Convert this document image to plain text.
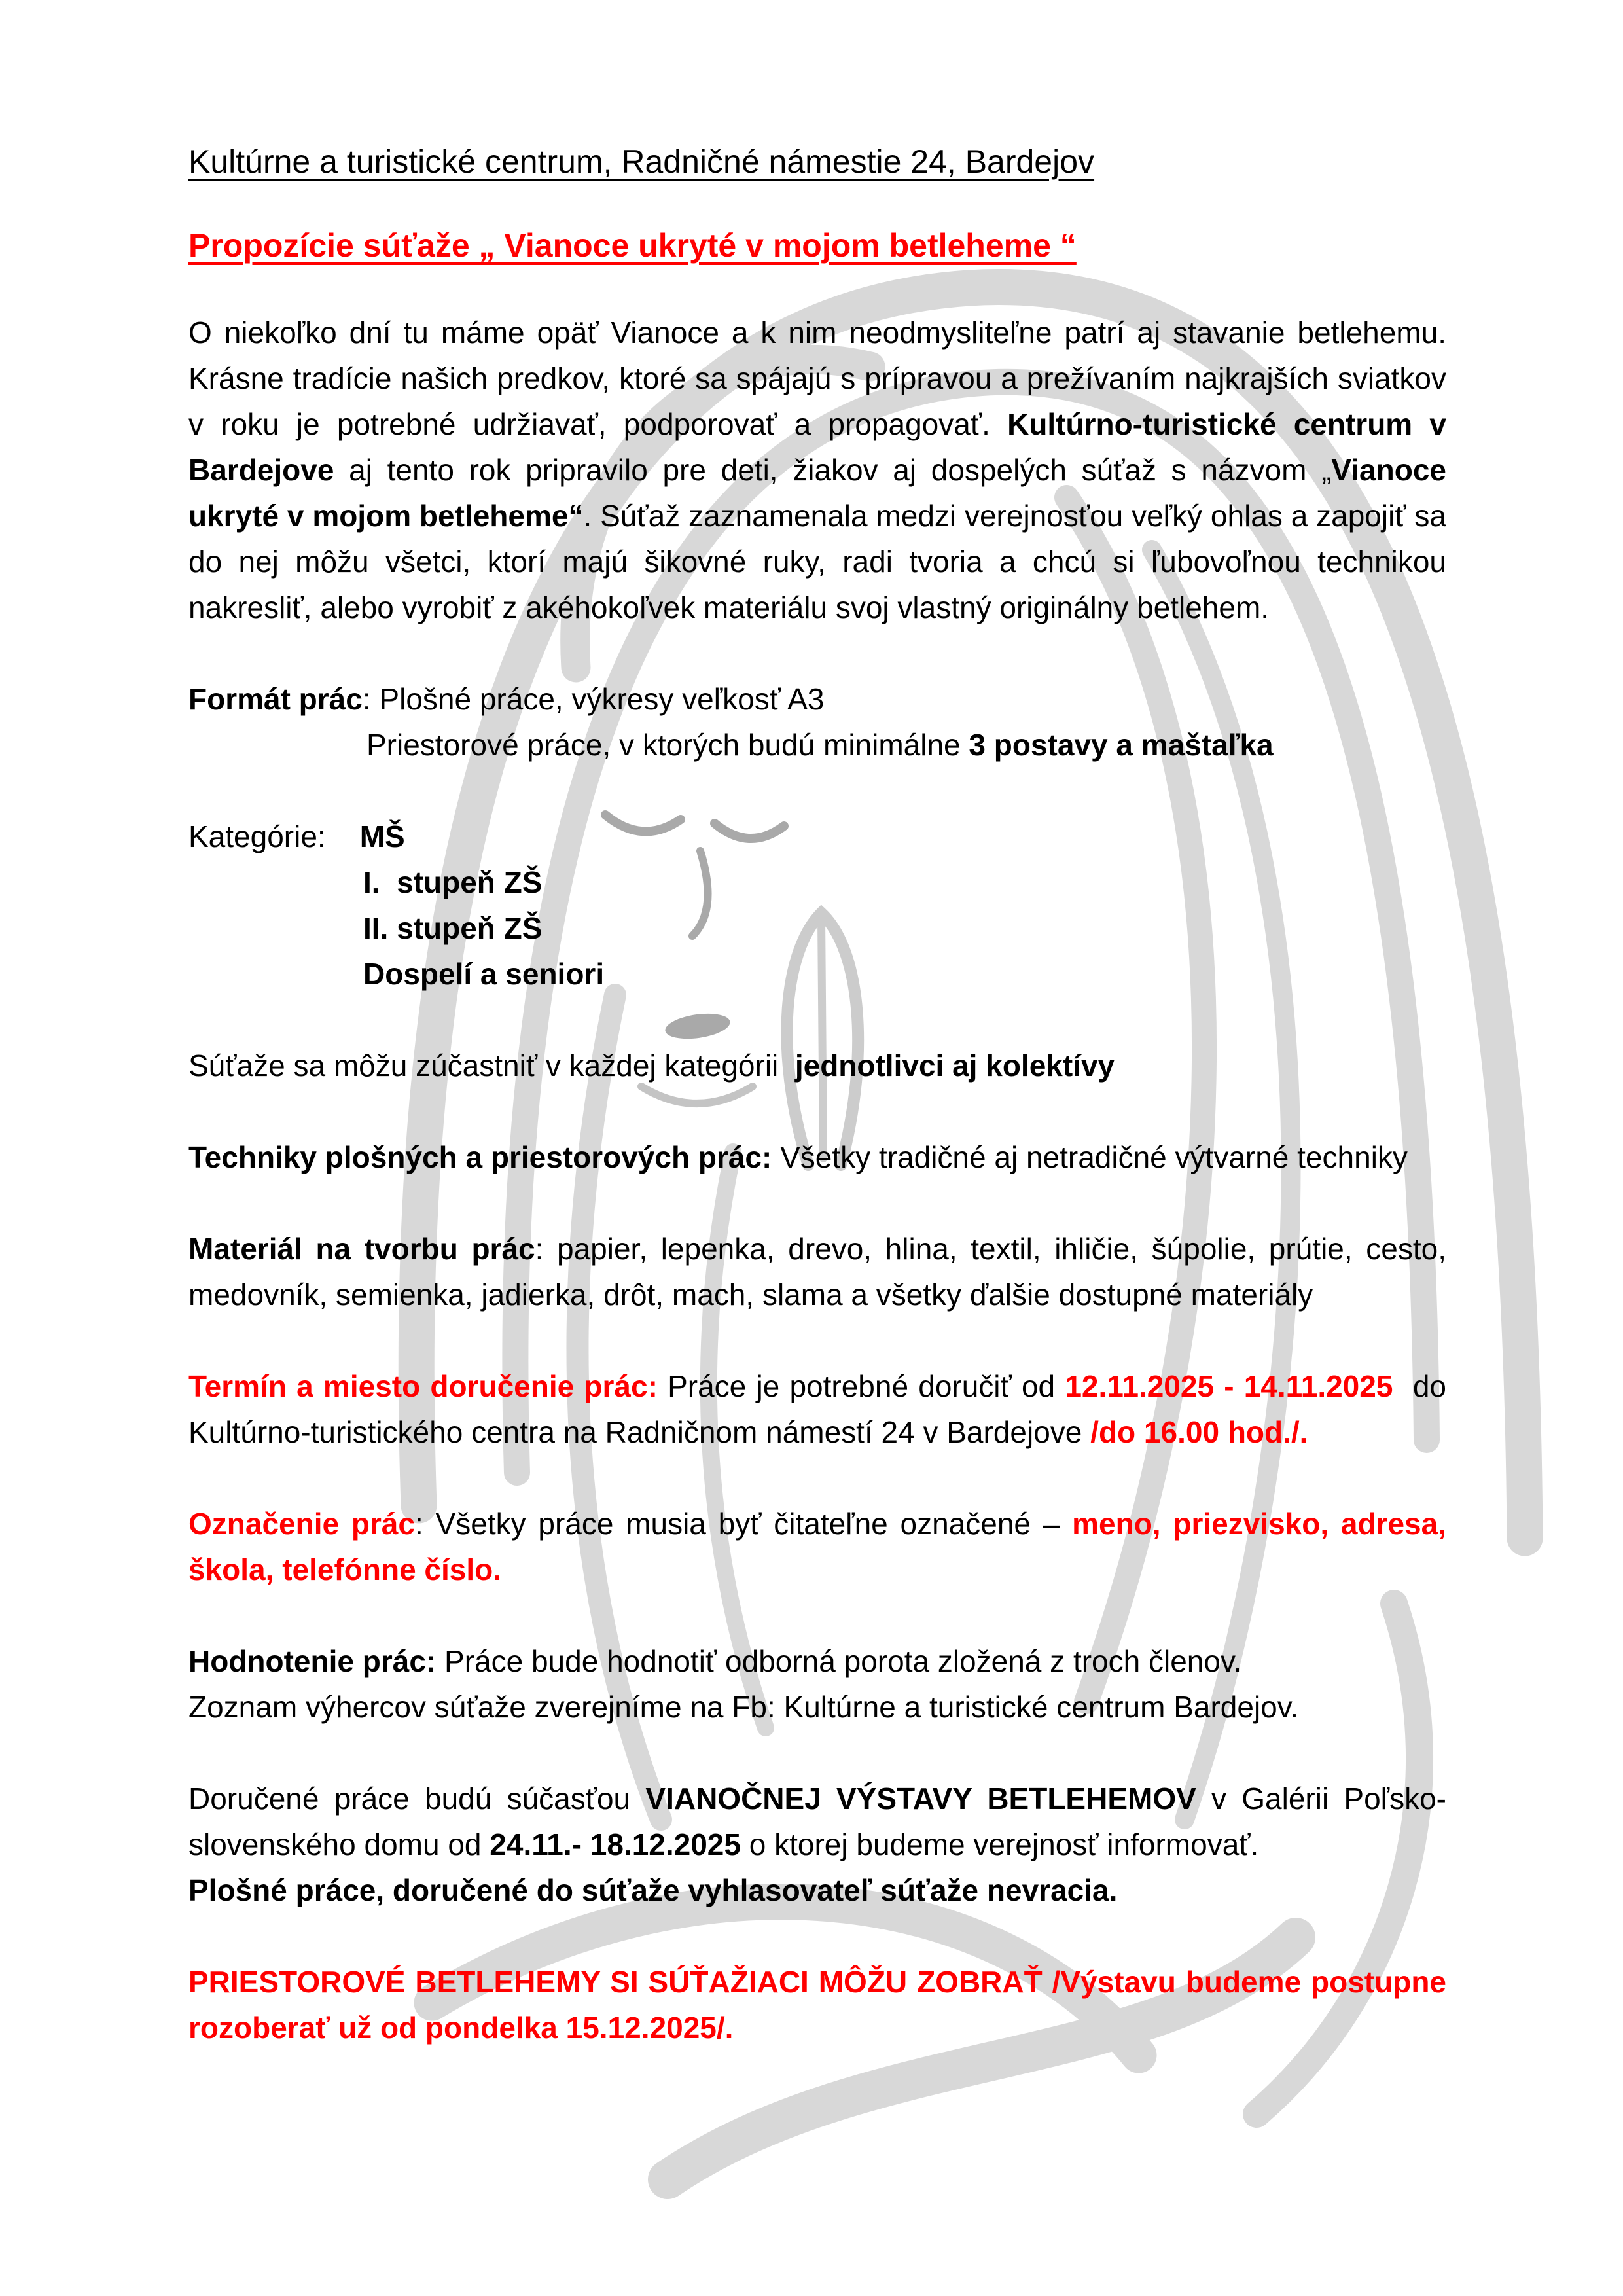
Kultúrne a turistické centrum, Radničné námestie 24, Bardejov
Propozície súťaže „ Vianoce ukryté v mojom betleheme “
O niekoľko dní tu máme opäť Vianoce a k nim neodmysliteľne patrí aj stavanie betlehemu. Krásne tradície našich predkov, ktoré sa spájajú s prípravou a prežívaním najkrajších sviatkov v roku je potrebné udržiavať, podporovať a propagovať. Kultúrno-turistické centrum v Bardejove aj tento rok pripravilo pre deti, žiakov aj dospelých súťaž s názvom „Vianoce ukryté v mojom betleheme“. Súťaž zaznamenala medzi verejnosťou veľký ohlas a zapojiť sa do nej môžu všetci, ktorí majú šikovné ruky, radi tvoria a chcú si ľubovoľnou technikou nakresliť, alebo vyrobiť z akéhokoľvek materiálu svoj vlastný originálny betlehem.
Formát prác: Plošné práce, výkresy veľkosť A3
Priestorové práce, v ktorých budú minimálne 3 postavy a maštaľka
Kategórie: MŠ
I.  stupeň ZŠ
II. stupeň ZŠ
Dospelí a seniori
Súťaže sa môžu zúčastniť v každej kategórii  jednotlivci aj kolektívy
Techniky plošných a priestorových prác: Všetky tradičné aj netradičné výtvarné techniky
Materiál na tvorbu prác: papier, lepenka, drevo, hlina, textil, ihličie, šúpolie, prútie, cesto, medovník, semienka, jadierka, drôt, mach, slama a všetky ďalšie dostupné materiály
Termín a miesto doručenie prác: Práce je potrebné doručiť od 12.11.2025 - 14.11.2025  do Kultúrno-turistického centra na Radničnom námestí 24 v Bardejove /do 16.00 hod./.
Označenie prác: Všetky práce musia byť čitateľne označené – meno, priezvisko, adresa, škola, telefónne číslo.
Hodnotenie prác: Práce bude hodnotiť odborná porota zložená z troch členov.
Zoznam výhercov súťaže zverejníme na Fb: Kultúrne a turistické centrum Bardejov.
Doručené práce budú súčasťou VIANOČNEJ VÝSTAVY BETLEHEMOV v Galérii Poľsko-slovenského domu od 24.11.- 18.12.2025 o ktorej budeme verejnosť informovať.
Plošné práce, doručené do súťaže vyhlasovateľ súťaže nevracia.
PRIESTOROVÉ BETLEHEMY SI SÚŤAŽIACI MÔŽU ZOBRAŤ /Výstavu budeme postupne rozoberať už od pondelka 15.12.2025/.
